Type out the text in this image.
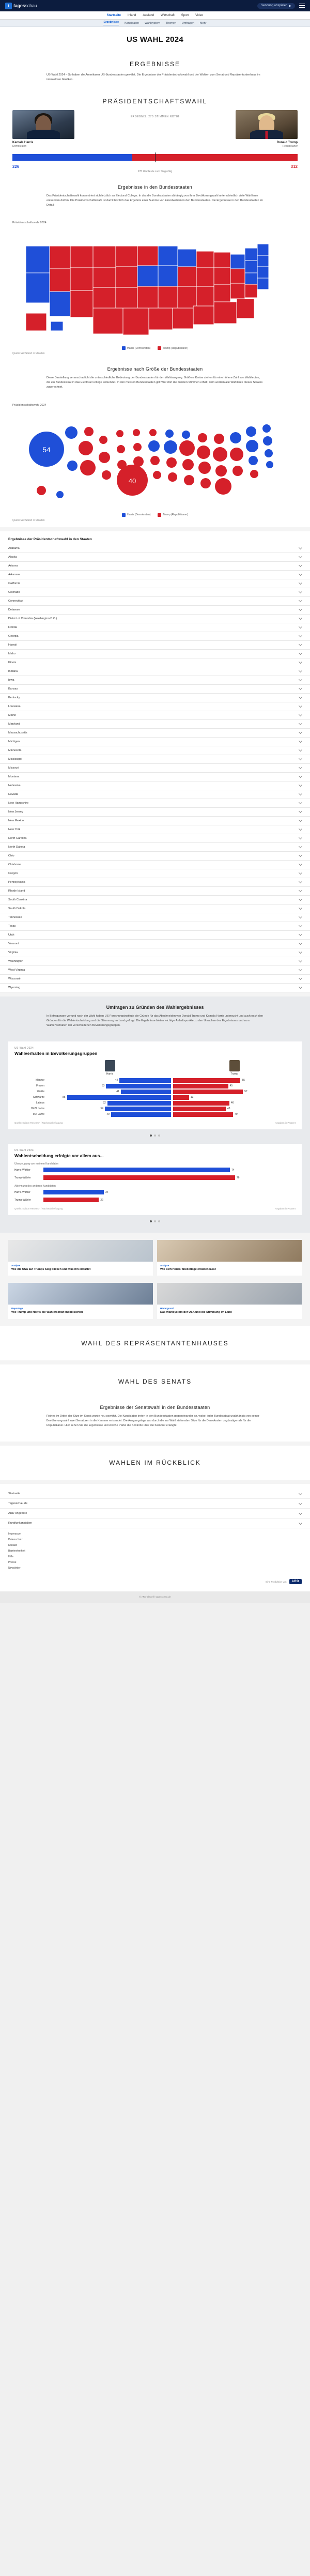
t tagesschau	Sendung abspielen ▶
Startseite Inland Ausland Wirtschaft Sport Video
Ergebnisse Kandidaten Wahlsystem Themen Umfragen Mehr
US WAHL 2024
ERGEBNISSE
US-Wahl 2024 – So haben die Amerikaner US-Bundesstaaten gewählt. Die Ergebnisse der Präsidentschaftswahl und der Wahlen zum Senat und Repräsentantenhaus im interaktiven Grafiken.
PRÄSIDENTSCHAFTSWAHL
Kamala Harris
Demokraten
ERGEBNIS: 270 STIMMEN NÖTIG
Donald Trump
Republikaner
226	312
270 Wahlleute zum Sieg nötig
Ergebnisse in den Bundesstaaten
Das Präsidentschaftswahl konzentriert sich letztlich an Electoral College. In das die Bundesstaaten abhängig von ihrer Bevölkerungszahl unterschiedlich viele Wahlleute entsenden dürfen. Die Präsidentschaftswahl ist damit letztlich das Ergebnis einer Summe von Einzelwahlen in den Bundesstaaten. Die Ergebnisse in den Bundesstaaten im Detail:
Präsidentschaftswahl 2024
Harris (Demokraten)	Trump (Republikaner)
Quelle: AP/Stand in Minuten
Ergebnisse nach Größe der Bundesstaaten
Diese Darstellung veranschaulicht die unterschiedliche Bedeutung der Bundesstaaten für den Wahlausgang. Größere Kreise stehen für eine höhere Zahl von Wahlleuten, die ein Bundesstaat in das Electoral College entsendet. In den meisten Bundesstaaten gilt: Wer dort die meisten Stimmen erhält, dem werden alle Wahlleute dieses Staates zugerechnet.
Präsidentschaftswahl 2024
54
40
Harris (Demokraten)	Trump (Republikaner)
Quelle: AP/Stand in Minuten
Ergebnisse der Präsidentschaftswahl in den Staaten
Alabama
Alaska
Arizona
Arkansas
California
Colorado
Connecticut
Delaware
District of Columbia (Washington D.C.)
Florida
Georgia
Hawaii
Idaho
Illinois
Indiana
Iowa
Kansas
Kentucky
Louisiana
Maine
Maryland
Massachusetts
Michigan
Minnesota
Mississippi
Missouri
Montana
Nebraska
Nevada
New Hampshire
New Jersey
New Mexico
New York
North Carolina
North Dakota
Ohio
Oklahoma
Oregon
Pennsylvania
Rhode Island
South Carolina
South Dakota
Tennessee
Texas
Utah
Vermont
Virginia
Washington
West Virginia
Wisconsin
Wyoming
Umfragen zu Gründen des Wahlergebnisses
In Befragungen vor und nach der Wahl haben US-Forschungsinstitute die Gründe für das Abschneiden von Donald Trump und Kamala Harris untersucht und auch nach den Gründen für die Wahlentscheidung und die Stimmung im Land gefragt. Die Ergebnisse bieten wichtige Anhaltspunkte zu den Ursachen des Ergebnisses und zum Wählerverhalten der verschiedenen Bevölkerungsgruppen.
US-Wahl 2024
Wahlverhalten in Bevölkerungsgruppen
Harris	Trump
Männer	42	55
Frauen	53	45
Weiße	41	57
Schwarze	85	13
Latinos	52	46
18-29 Jahre	54	43
65+ Jahre	49	49
Quelle: Edison Research / Nachwahlbefragung	Angaben in Prozent
US-Wahl 2024
Wahlentscheidung erfolgte vor allem aus...
Überzeugung von meinem Kandidaten
Harris-Wähler	74
Trump-Wähler	76
Ablehnung des anderen Kandidaten
Harris-Wähler	24
Trump-Wähler	22
Quelle: Edison Research / Nachwahlbefragung	Angaben in Prozent
Analyse
Wie die USA auf Trumps Sieg blicken und was ihn erwartet
Analyse
Wie sich Harris' Niederlage erklären lässt
Reportage
Wie Trump und Harris die Wählerschaft mobilisierten
Hintergrund
Das Wahlsystem der USA und die Stimmung im Land
WAHL DES REPRÄSENTANTENHAUSES
WAHL DES SENATS
Ergebnisse der Senatswahl in den Bundesstaaten
Reines im Drittel der Sitze im Senat wurde neu gewählt. Die Kandidaten treten in den Bundesstaaten gegeneinander an, wobei jeder Bundesstaat unabhängig von seiner Bevölkerungszahl zwei Senatoren in die Kammer entsendet. Die Ausgangslage war durch die zur Wahl stehenden Sitze für die Demokraten ungünstiger als für die Republikaner. Hier sehen Sie die Ergebnisse und welche Partei die Kontrolle über die Kammer erlangte:
WAHLEN IM RÜCKBLICK
Startseite
Tagesschau.de
ARD Angebote
Rundfunkanstalten
Impressum
Datenschutz
Kontakt
Barrierefreiheit
Hilfe
Presse
Newsletter
Eine Produktion von	ARD
© ARD-aktuell / tagesschau.de
